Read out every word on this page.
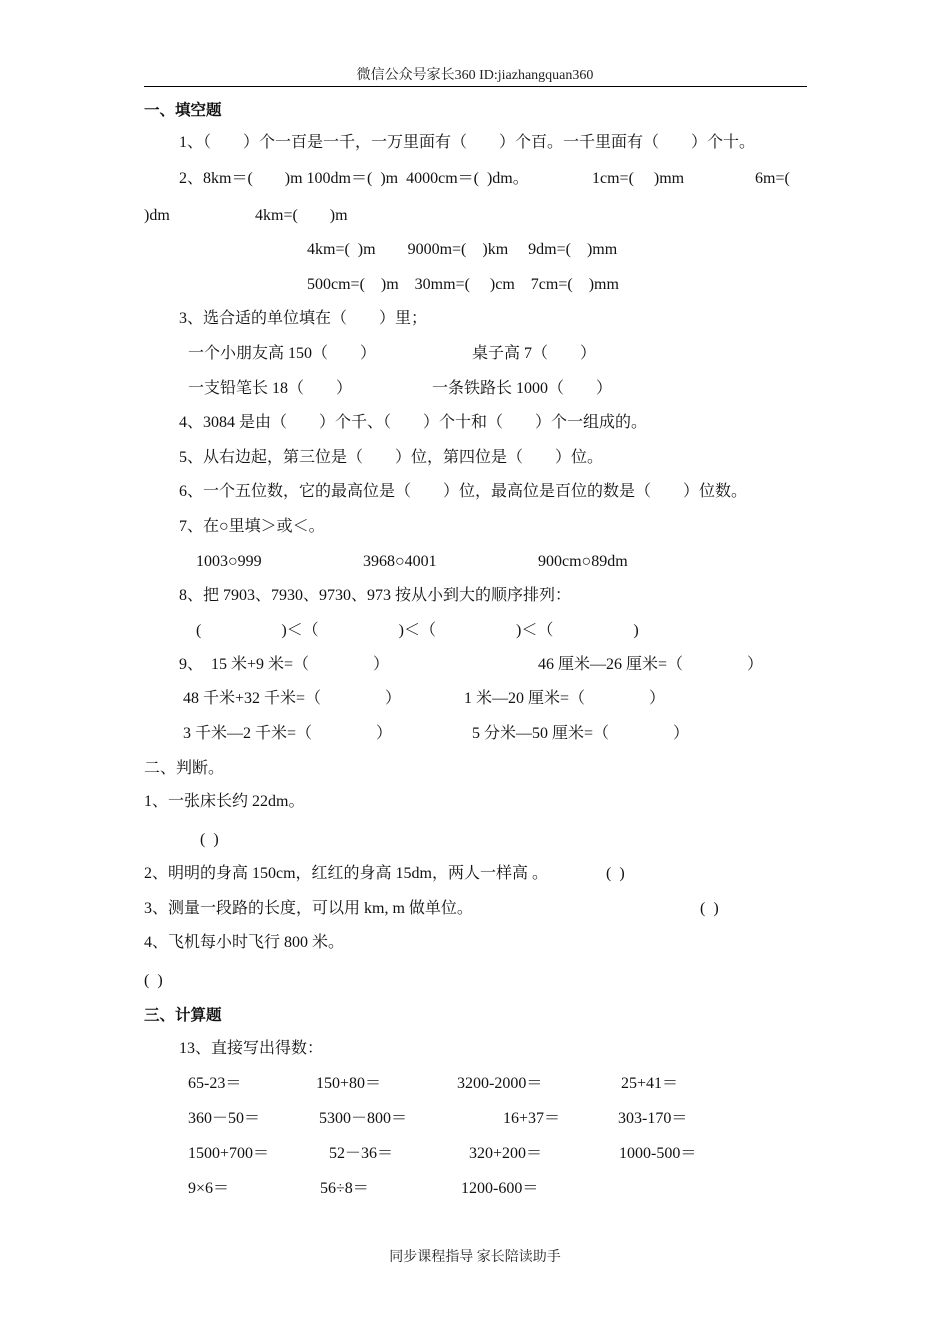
微信公众号家长360 ID:jiazhangquan360
一、填空题
1、（　　）个一百是一千，一万里面有（　　）个百。一千里面有（　　）个十。
2、8km＝(　　)m 100dm＝(  )m  4000cm＝(  )dm。	1cm=(     )mm	6m=(
)dm	4km=(        )m
4km=(  )m        9000m=(    )km     9dm=(    )mm
500cm=(    )m    30mm=(     )cm    7cm=(    )mm
3、选合适的单位填在（　　）里；
一个小朋友高 150（　　）	桌子高 7（　　）
一支铅笔长 18（　　）	一条铁路长 1000（　　）
4、3084 是由（　　）个千、（　　）个十和（　　）个一组成的。
5、从右边起，第三位是（　　）位，第四位是（　　）位。
6、一个五位数，它的最高位是（　　）位，最高位是百位的数是（　　）位数。
7、在○里填＞或＜。
1003○999	3968○4001	900cm○89dm
8、把 7903、7930、9730、973 按从小到大的顺序排列：
(                    )＜（                    )＜（                    )＜（                    )
9、  15 米+9 米=（　　　　）	46 厘米—26 厘米=（　　　　）
48 千米+32 千米=（　　　　）	1 米—20 厘米=（　　　　）
3 千米—2 千米=（　　　　）	5 分米—50 厘米=（　　　　）
二、判断。
1、一张床长约 22dm。
(  )
2、明明的身高 150cm，红红的身高 15dm，两人一样高 。	(  )
3、测量一段路的长度，可以用 km, m 做单位。	(  )
4、飞机每小时飞行 800 米。
(  )
三、计算题
13、直接写出得数：
65-23＝	150+80＝	3200-2000＝	25+41＝
360－50＝	5300－800＝	16+37＝	303-170＝
1500+700＝	52－36＝	320+200＝	1000-500＝
9×6＝	56÷8＝	1200-600＝
同步课程指导 家长陪读助手
